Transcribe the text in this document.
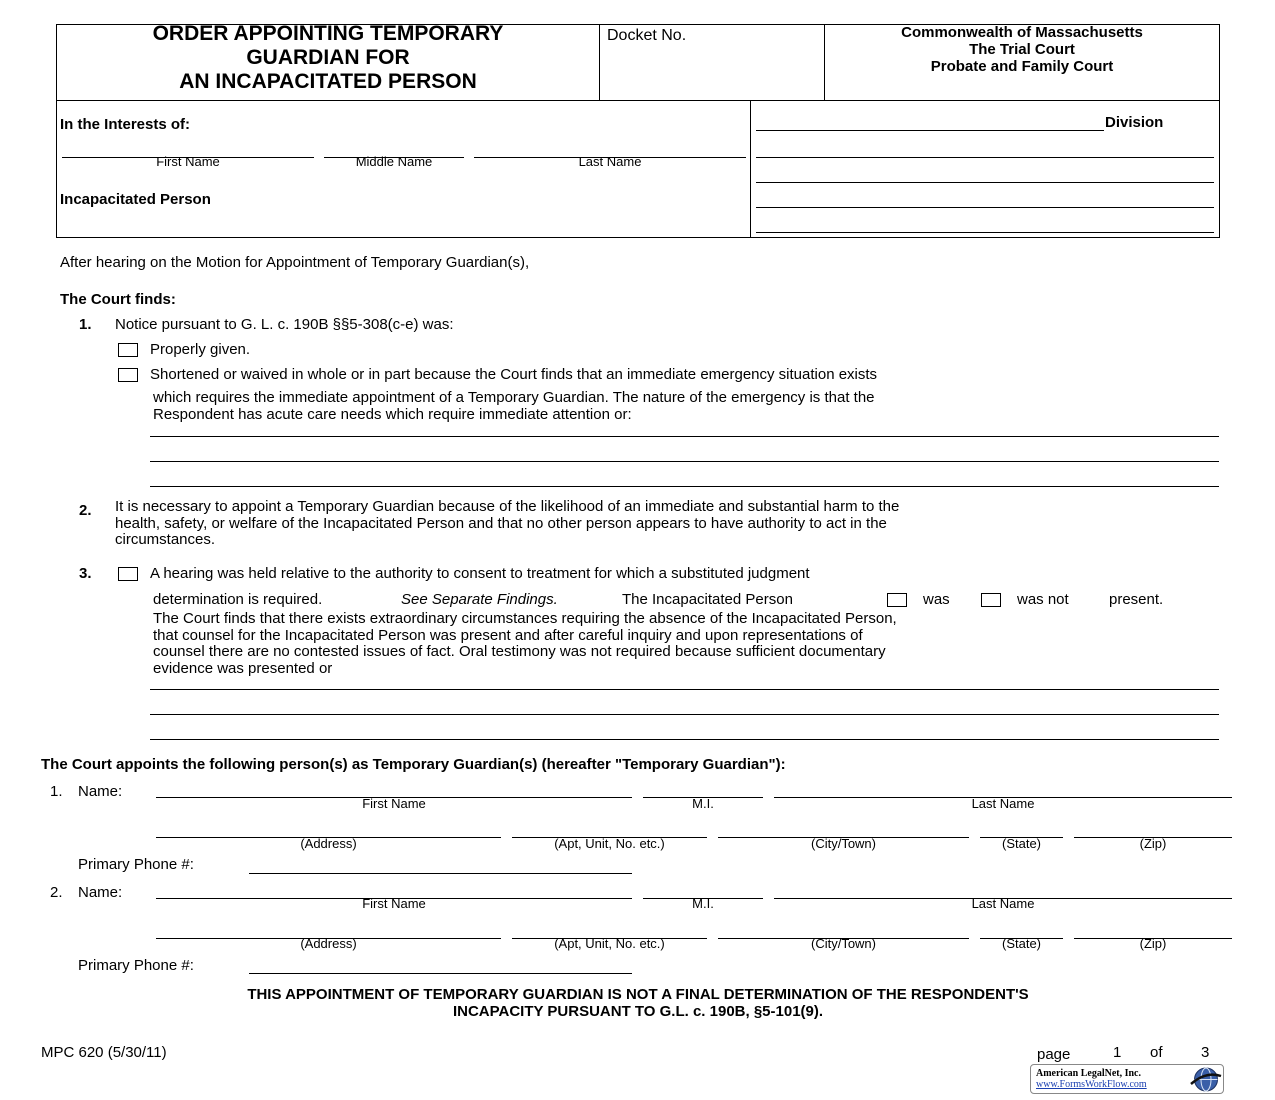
ORDER APPOINTING TEMPORARY
GUARDIAN FOR
AN INCAPACITATED PERSON
Docket No.	Commonwealth of Massachusetts
The Trial Court
Probate and Family Court
In the Interests of:
First Name	Middle Name	Last Name
Incapacitated Person
Division
After hearing on the Motion for Appointment of Temporary Guardian(s),
The Court finds:
1. Notice pursuant to G. L. c. 190B §§5-308(c-e) was:
Properly given.
Shortened or waived in whole or in part because the Court finds that an immediate emergency situation exists
which requires the immediate appointment of a Temporary Guardian. The nature of the emergency is that the
Respondent has acute care needs which require immediate attention or:
2. It is necessary to appoint a Temporary Guardian because of the likelihood of an immediate and substantial harm to the
health, safety, or welfare of the Incapacitated Person and that no other person appears to have authority to act in the
circumstances.
3.	A hearing was held relative to the authority to consent to treatment for which a substituted judgment
determination is required.	See Separate Findings.	The Incapacitated Person	was	was not	present.
The Court finds that there exists extraordinary circumstances requiring the absence of the Incapacitated Person,
that counsel for the Incapacitated Person was present and after careful inquiry and upon representations of
counsel there are no contested issues of fact. Oral testimony was not required because sufficient documentary
evidence was presented or
The Court appoints the following person(s) as Temporary Guardian(s) (hereafter "Temporary Guardian"):
1. Name:
First Name	M.I.	Last Name
(Address)	(Apt, Unit, No. etc.)	(City/Town)	(State)	(Zip)
Primary Phone #:
2. Name:
First Name	M.I.	Last Name
(Address)	(Apt, Unit, No. etc.)	(City/Town)	(State)	(Zip)
Primary Phone #:
THIS APPOINTMENT OF TEMPORARY GUARDIAN IS NOT A FINAL DETERMINATION OF THE RESPONDENT'S
INCAPACITY PURSUANT TO G.L. c. 190B, §5-101(9).
MPC 620 (5/30/11)	page	1 of	3
American LegalNet, Inc.
www.FormsWorkFlow.com
